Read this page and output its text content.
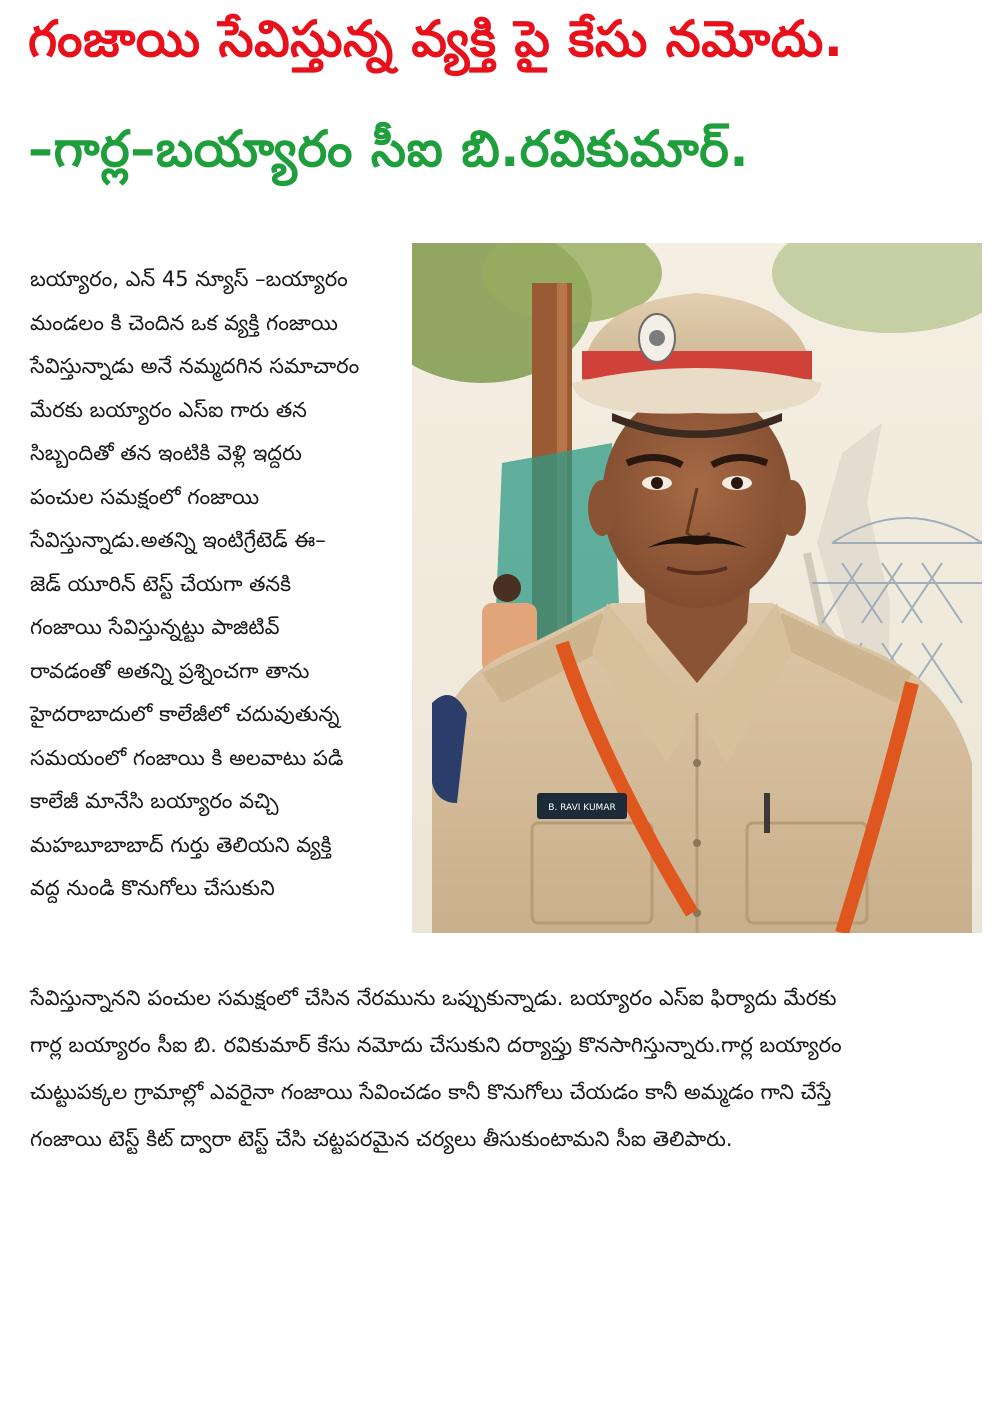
గంజాయి సేవిస్తున్న వ్యక్తి పై కేసు నమోదు.
–గార్ల–బయ్యారం సీఐ బి.రవికుమార్.
B. RAVI KUMAR
బయ్యారం, ఎన్ 45 న్యూస్ –బయ్యారం
మండలం కి చెందిన ఒక వ్యక్తి గంజాయి
సేవిస్తున్నాడు అనే నమ్మదగిన సమాచారం
మేరకు బయ్యారం ఎస్ఐ గారు తన
సిబ్బందితో తన ఇంటికి వెళ్లి ఇద్దరు
పంచుల సమక్షంలో గంజాయి
సేవిస్తున్నాడు.అతన్ని ఇంటిగ్రేటెడ్ ఈ–
జెడ్ యూరిన్ టెస్ట్ చేయగా తనకి
గంజాయి సేవిస్తున్నట్టు పాజిటివ్
రావడంతో అతన్ని ప్రశ్నించగా తాను
హైదరాబాదులో కాలేజీలో చదువుతున్న
సమయంలో గంజాయి కి అలవాటు పడి
కాలేజీ మానేసి బయ్యారం వచ్చి
మహబూబాబాద్ గుర్తు తెలియని వ్యక్తి
వద్ద నుండి కొనుగోలు చేసుకుని
సేవిస్తున్నానని పంచుల సమక్షంలో చేసిన నేరమును ఒప్పుకున్నాడు. బయ్యారం ఎస్ఐ ఫిర్యాదు మేరకు
గార్ల బయ్యారం సీఐ బి. రవికుమార్ కేసు నమోదు చేసుకుని దర్యాప్తు కొనసాగిస్తున్నారు.గార్ల బయ్యారం
చుట్టుపక్కల గ్రామాల్లో ఎవరైనా గంజాయి సేవించడం కానీ కొనుగోలు చేయడం కానీ అమ్మడం గాని చేస్తే
గంజాయి టెస్ట్ కిట్ ద్వారా టెస్ట్ చేసి చట్టపరమైన చర్యలు తీసుకుంటామని సీఐ తెలిపారు.
